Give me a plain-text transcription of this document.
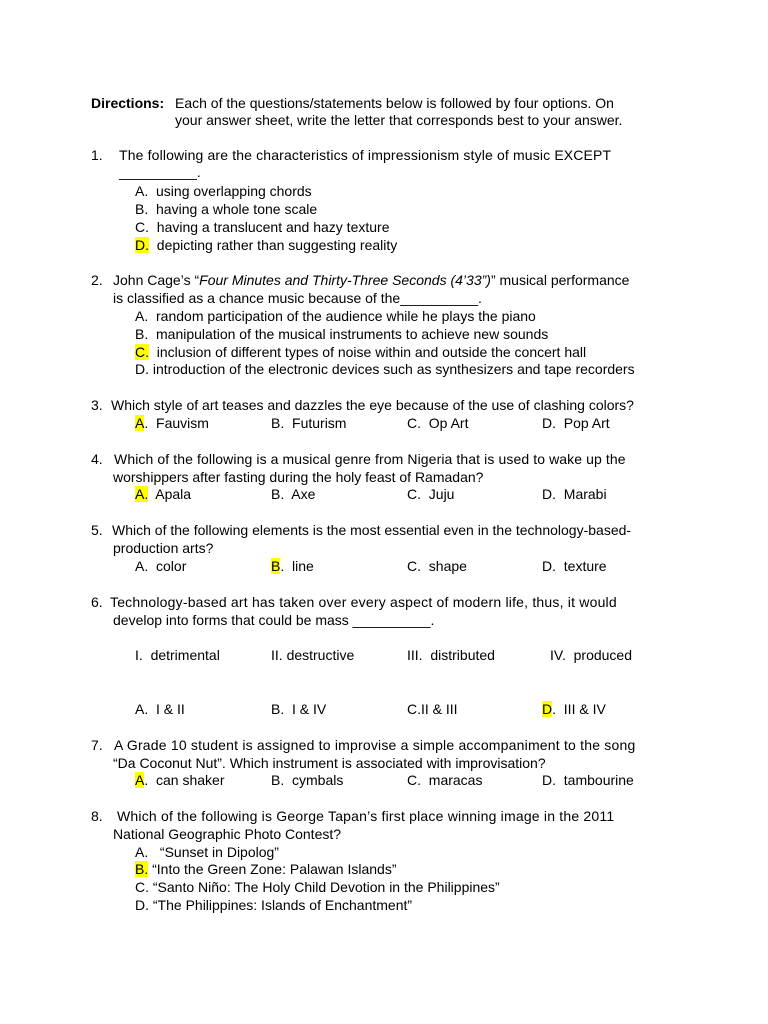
Directions: Each of the questions/statements below is followed by four options. On
your answer sheet, write the letter that corresponds best to your answer.
1. The following are the characteristics of impressionism style of music EXCEPT
__________.
A. using overlapping chords
B. having a whole tone scale
C. having a translucent and hazy texture
D. depicting rather than suggesting reality
2. John Cage’s “Four Minutes and Thirty-Three Seconds (4’33”)” musical performance
is classified as a chance music because of the__________.
A. random participation of the audience while he plays the piano
B. manipulation of the musical instruments to achieve new sounds
C. inclusion of different types of noise within and outside the concert hall
D. introduction of the electronic devices such as synthesizers and tape recorders
3. Which style of art teases and dazzles the eye because of the use of clashing colors?
A. Fauvism	B. Futurism	C. Op Art	D. Pop Art
4. Which of the following is a musical genre from Nigeria that is used to wake up the
worshippers after fasting during the holy feast of Ramadan?
A. Apala	B. Axe	C. Juju	D. Marabi
5. Which of the following elements is the most essential even in the technology-based-
production arts?
A. color	B. line	C. shape	D. texture
6. Technology-based art has taken over every aspect of modern life, thus, it would
develop into forms that could be mass __________.
I. detrimental	II. destructive	III. distributed	IV. produced
A. I & II	B. I & IV	C.II & III	D. III & IV
7. A Grade 10 student is assigned to improvise a simple accompaniment to the song
“Da Coconut Nut”. Which instrument is associated with improvisation?
A. can shaker	B. cymbals	C. maracas	D. tambourine
8. Which of the following is George Tapan’s first place winning image in the 2011
National Geographic Photo Contest?
A. “Sunset in Dipolog”
B. “Into the Green Zone: Palawan Islands”
C. “Santo Niño: The Holy Child Devotion in the Philippines”
D. “The Philippines: Islands of Enchantment”
